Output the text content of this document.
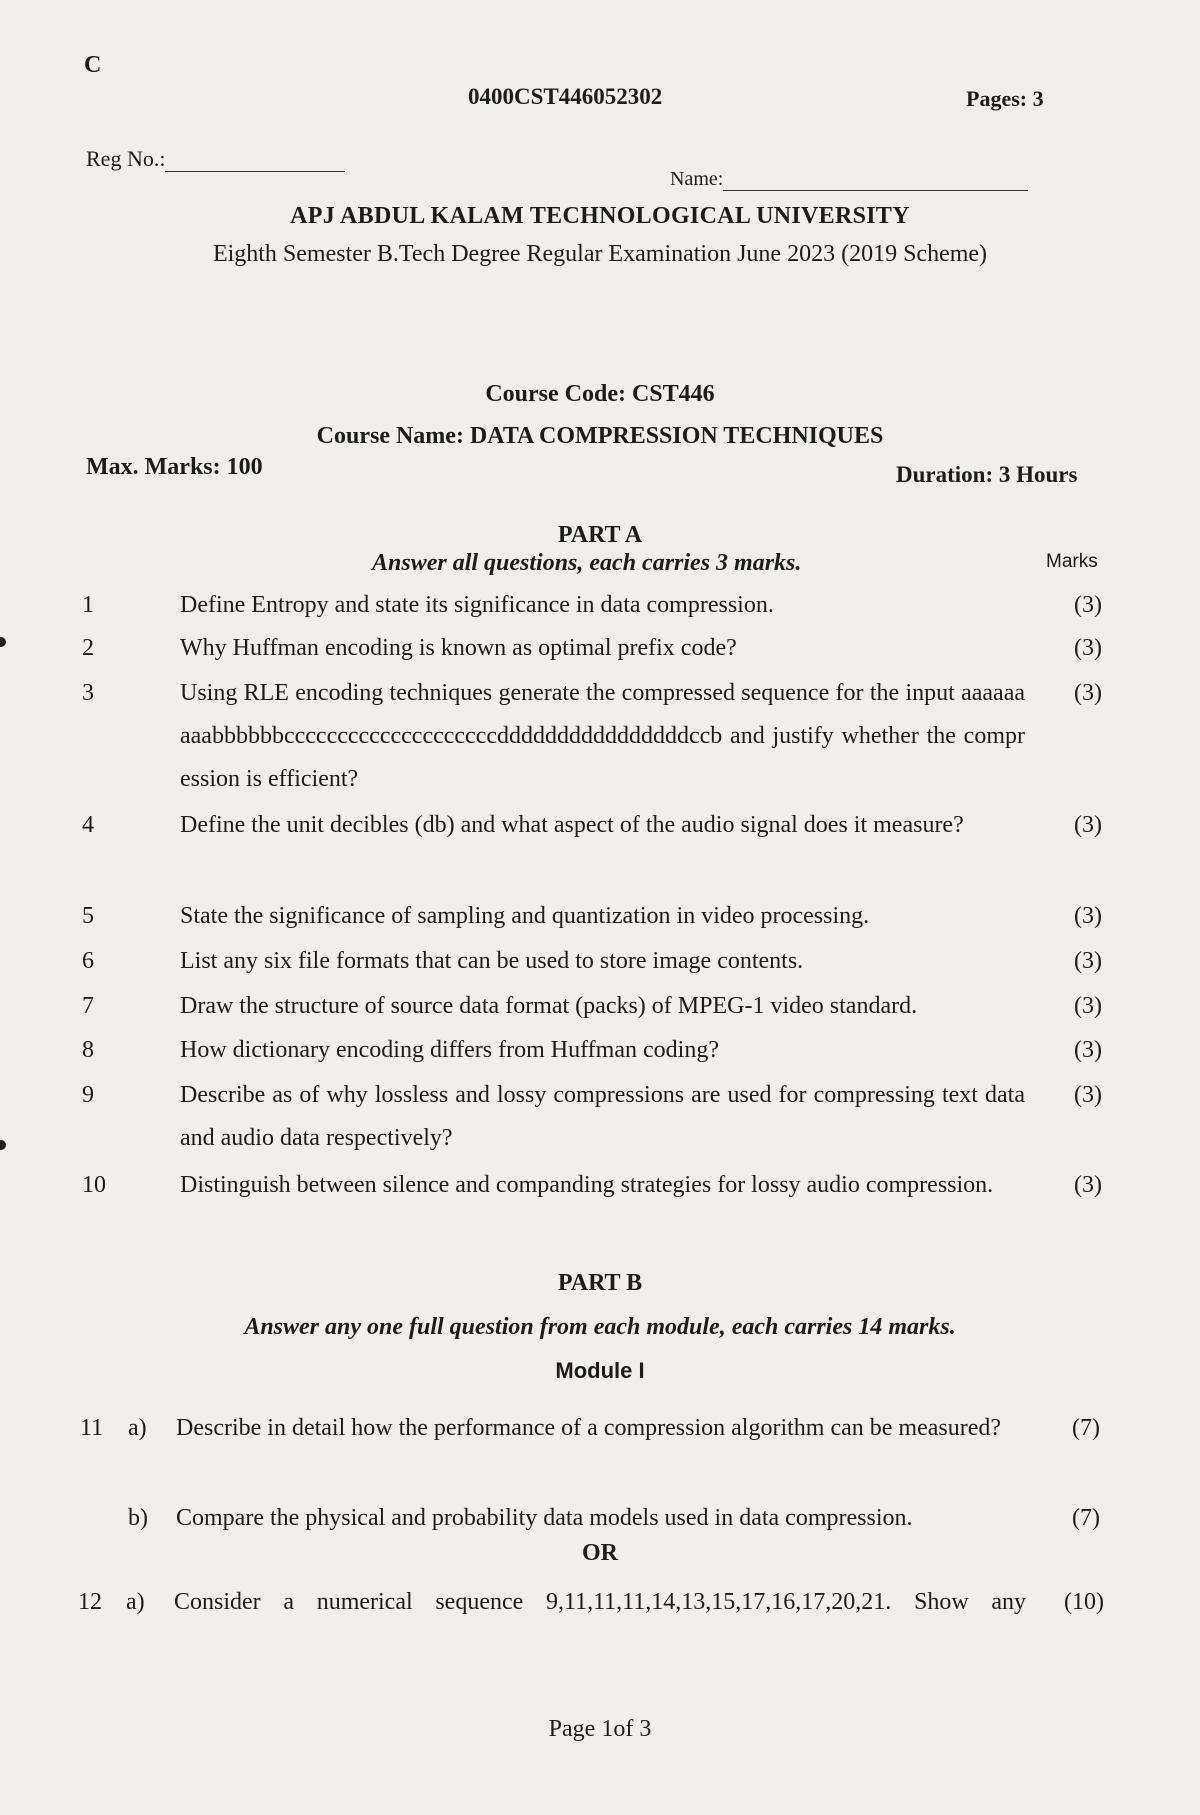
C
0400CST446052302	Pages: 3
Reg No.:
Name:
APJ ABDUL KALAM TECHNOLOGICAL UNIVERSITY
Eighth Semester B.Tech Degree Regular Examination June 2023 (2019 Scheme)
Course Code: CST446
Course Name: DATA COMPRESSION TECHNIQUES
Max. Marks: 100	Duration: 3 Hours
PART A
Answer all questions, each carries 3 marks.	Marks
1	Define Entropy and state its significance in data compression.	(3)
2	Why Huffman encoding is known as optimal prefix code?	(3)
3	Using RLE encoding techniques generate the compressed sequence for the input aaaaaaaaabbbbbbccccccccccccccccccccddddddddddddddddccb and justify whether the compression is efficient?
(3)
4	Define the unit decibles (db) and what aspect of the audio signal does it measure?	(3)
5	State the significance of sampling and quantization in video processing.	(3)
6	List any six file formats that can be used to store image contents.	(3)
7	Draw the structure of source data format (packs) of MPEG-1 video standard.	(3)
8	How dictionary encoding differs from Huffman coding?	(3)
9	Describe as of why lossless and lossy compressions are used for compressing text data and audio data respectively?
(3)
10	Distinguish between silence and companding strategies for lossy audio compression.	(3)
PART B
Answer any one full question from each module, each carries 14 marks.
Module I
11 a) Describe in detail how the performance of a compression algorithm can be measured?	(7)
b) Compare the physical and probability data models used in data compression.	(7)
OR
12 a) Consider a numerical sequence 9,11,11,11,14,13,15,17,16,17,20,21. Show any (10)
Page 1of 3
